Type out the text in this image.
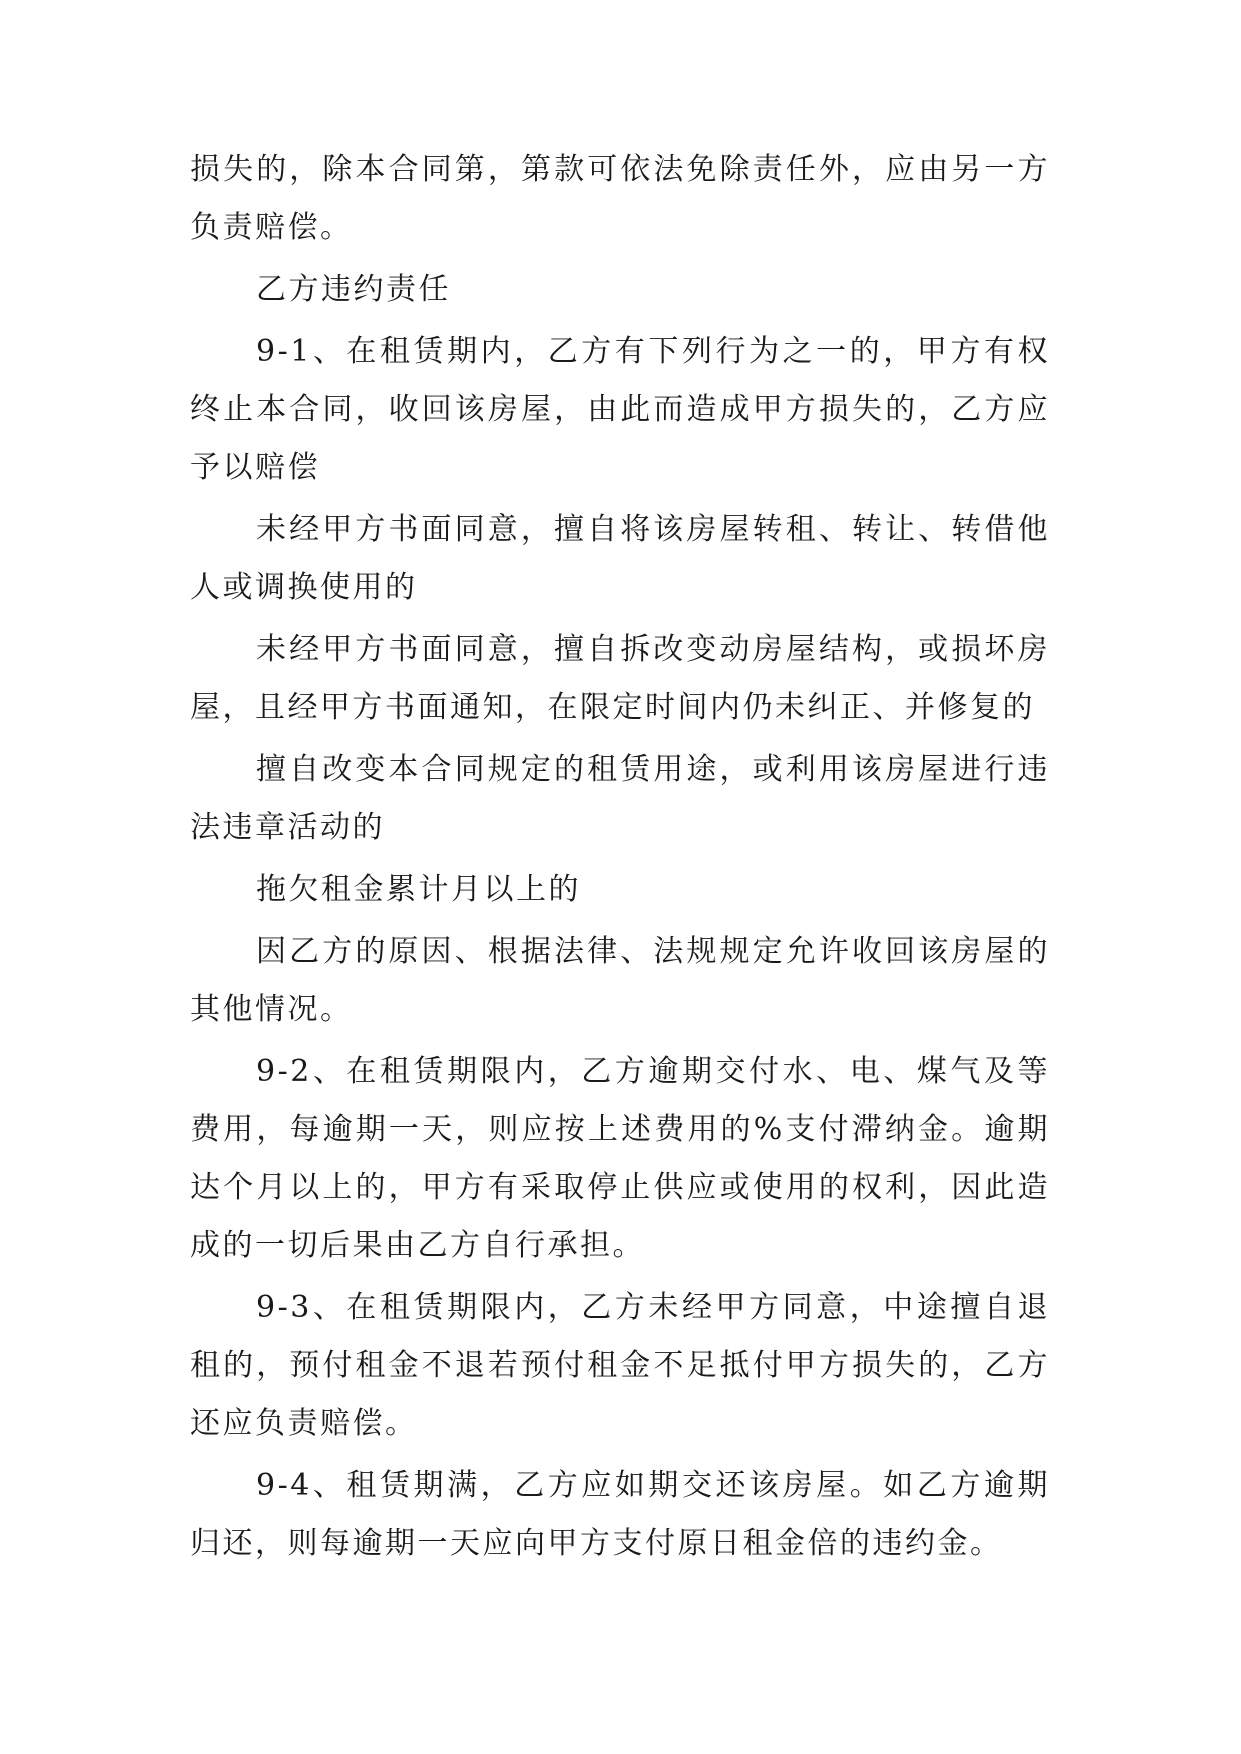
损失的，除本合同第，第款可依法免除责任外，应由另一方
负责赔偿。
乙方违约责任
9-1、在租赁期内，乙方有下列行为之一的，甲方有权
终止本合同，收回该房屋，由此而造成甲方损失的，乙方应
予以赔偿
未经甲方书面同意，擅自将该房屋转租、转让、转借他
人或调换使用的
未经甲方书面同意，擅自拆改变动房屋结构，或损坏房
屋，且经甲方书面通知，在限定时间内仍未纠正、并修复的
擅自改变本合同规定的租赁用途，或利用该房屋进行违
法违章活动的
拖欠租金累计月以上的
因乙方的原因、根据法律、法规规定允许收回该房屋的
其他情况。
9-2、在租赁期限内，乙方逾期交付水、电、煤气及等
费用，每逾期一天，则应按上述费用的%支付滞纳金。逾期
达个月以上的，甲方有采取停止供应或使用的权利，因此造
成的一切后果由乙方自行承担。
9-3、在租赁期限内，乙方未经甲方同意，中途擅自退
租的，预付租金不退若预付租金不足抵付甲方损失的，乙方
还应负责赔偿。
9-4、租赁期满，乙方应如期交还该房屋。如乙方逾期
归还，则每逾期一天应向甲方支付原日租金倍的违约金。
